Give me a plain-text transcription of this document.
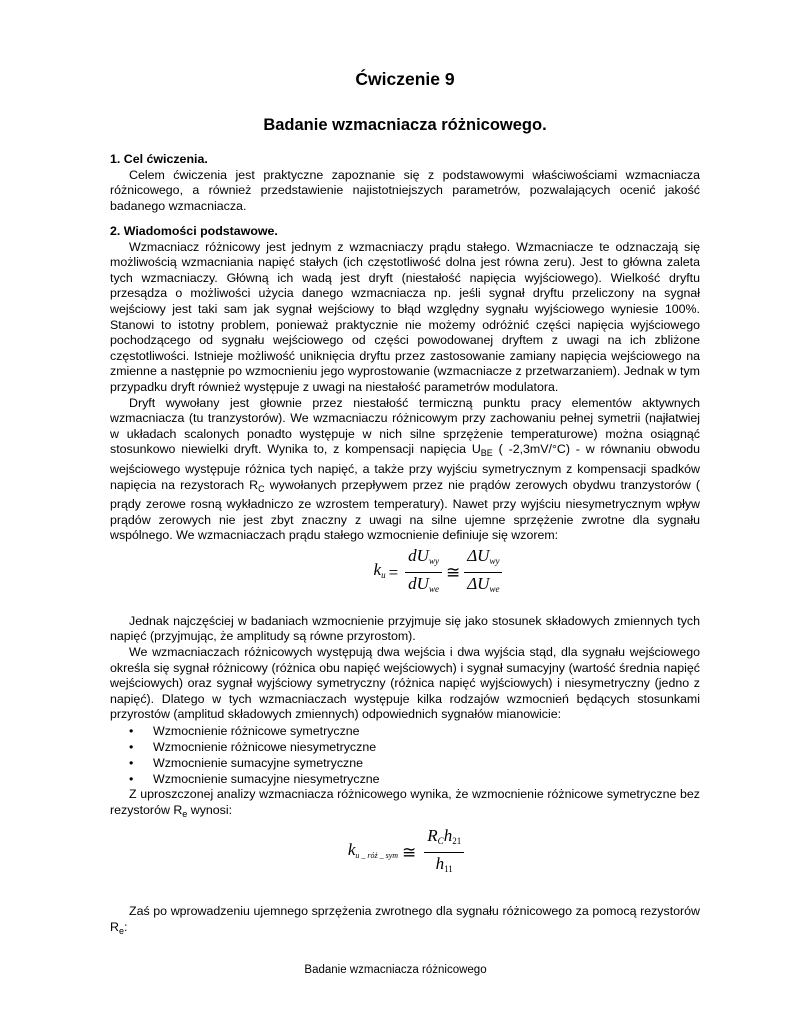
Ćwiczenie 9
Badanie wzmacniacza różnicowego.
1. Cel ćwiczenia.

Celem ćwiczenia jest praktyczne zapoznanie się z podstawowymi właściwościami wzmacniacza różnicowego, a również przedstawienie najistotniejszych parametrów, pozwalających ocenić jakość badanego wzmacniacza.

2. Wiadomości podstawowe.

Wzmacniacz różnicowy jest jednym z wzmacniaczy prądu stałego. Wzmacniacze te odznaczają się możliwością wzmacniania napięć stałych (ich częstotliwość dolna jest równa zeru). Jest to główna zaleta tych wzmacniaczy. Główną ich wadą jest dryft (niestałość napięcia wyjściowego). Wielkość dryftu przesądza o możliwości użycia danego wzmacniacza np. jeśli sygnał dryftu przeliczony na sygnał wejściowy jest taki sam jak sygnał wejściowy to błąd względny sygnału wyjściowego wyniesie 100%. Stanowi to istotny problem, ponieważ praktycznie nie możemy odróżnić części napięcia wyjściowego pochodzącego od sygnału wejściowego od części powodowanej dryftem z uwagi na ich zbliżone częstotliwości. Istnieje możliwość uniknięcia dryftu przez zastosowanie zamiany napięcia wejściowego na zmienne a następnie po wzmocnieniu jego wyprostowanie (wzmacniacze z przetwarzaniem). Jednak w tym przypadku dryft również występuje z uwagi na niestałość parametrów modulatora.

Dryft wywołany jest głownie przez niestałość termiczną punktu pracy elementów aktywnych wzmacniacza (tu tranzystorów). We wzmacniaczu różnicowym przy zachowaniu pełnej symetrii (najłatwiej w układach scalonych ponadto występuje w nich silne sprzężenie temperaturowe) można osiągnąć stosunkowo niewielki dryft. Wynika to, z kompensacji napięcia $U_{BE}$ ( -2,3mV/°C) - w równaniu obwodu wejściowego występuje różnica tych napięć, a także przy wyjściu symetrycznym z kompensacji spadków napięcia na rezystorach $R_C$ wywołanych przepływem przez nie prądów zerowych obydwu tranzystorów ( prądy zerowe rosną wykładniczo ze wzrostem temperatury). Nawet przy wyjściu niesymetrycznym wpływ prądów zerowych nie jest zbyt znaczny z uwagi na silne ujemne sprzężenie zwrotne dla sygnału wspólnego. We wzmacniaczach prądu stałego wzmocnienie definiuje się wzorem:

$k_u = \frac{dU_{wy}}{dU_{we}}$ ≅ $\frac{\Delta U_{wy}}{\Delta U_{we}}$

Jednak najczęściej w badaniach wzmocnienie przyjmuje się jako stosunek składowych zmiennych tych napięć (przyjmując, że amplitudy są równe przyrostom).

We wzmacniaczach różnicowych występują dwa wejścia i dwa wyjścia stąd, dla sygnału wejściowego określa się sygnał różnicowy (różnica obu napięć wejściowych) i sygnał sumacyjny (wartość średnia napięć wejściowych) oraz sygnał wyjściowy symetryczny (różnica napięć wyjściowych) i niesymetryczny (jedno z napięć). Dlatego w tych wzmacniaczach występuje kilka rodzajów wzmocnień będących stosunkami przyrostów (amplitud składowych zmiennych) odpowiednich sygnałów mianowicie:

• Wzmocnienie różnicowe symetryczne
• Wzmocnienie różnicowe niesymetryczne
• Wzmocnienie sumacyjne symetryczne
• Wzmocnienie sumacyjne niesymetryczne

Z uproszczonej analizy wzmacniacza różnicowego wynika, że wzmocnienie różnicowe symetryczne bez rezystorów $R_e$ wynosi:

$k_{u \_ róż \_ sym}$ ≅ $\frac{R_Ch_{21}}{h_{11}}$

Zaś po wprowadzeniu ujemnego sprzężenia zwrotnego dla sygnału różnicowego za pomocą rezystorów $R_e$:

Badanie wzmacniacza różnicowego
